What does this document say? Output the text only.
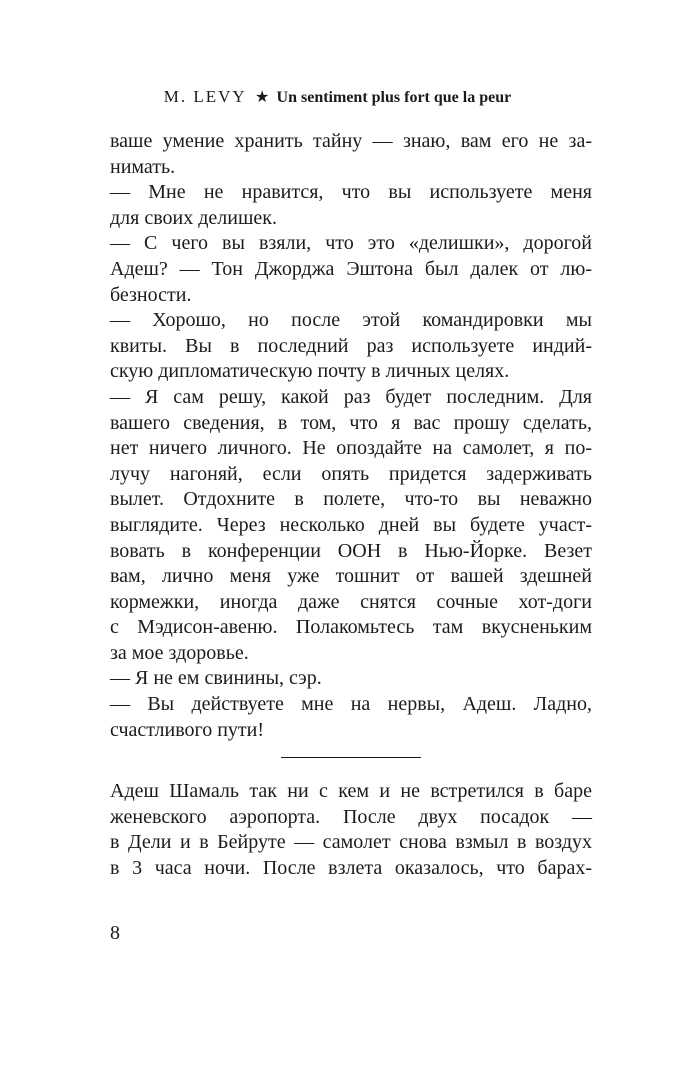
M. LEVY ★ Un sentiment plus fort que la peur
ваше умение хранить тайну — знаю, вам его не за-
нимать.
— Мне не нравится, что вы используете меня
для своих делишек.
— С чего вы взяли, что это «делишки», дорогой
Адеш? — Тон Джорджа Эштона был далек от лю-
безности.
— Хорошо, но после этой командировки мы
квиты. Вы в последний раз используете индий-
скую дипломатическую почту в личных целях.
— Я сам решу, какой раз будет последним. Для
вашего сведения, в том, что я вас прошу сделать,
нет ничего личного. Не опоздайте на самолет, я по-
лучу нагоняй, если опять придется задерживать
вылет. Отдохните в полете, что-то вы неважно
выглядите. Через несколько дней вы будете участ-
вовать в конференции ООН в Нью-Йорке. Везет
вам, лично меня уже тошнит от вашей здешней
кормежки, иногда даже снятся сочные хот-доги
с Мэдисон-авеню. Полакомьтесь там вкусненьким
за мое здоровье.
— Я не ем свинины, сэр.
— Вы действуете мне на нервы, Адеш. Ладно,
счастливого пути!
Адеш Шамаль так ни с кем и не встретился в баре
женевского аэропорта. После двух посадок —
в Дели и в Бейруте — самолет снова взмыл в воздух
в 3 часа ночи. После взлета оказалось, что барах-
8
